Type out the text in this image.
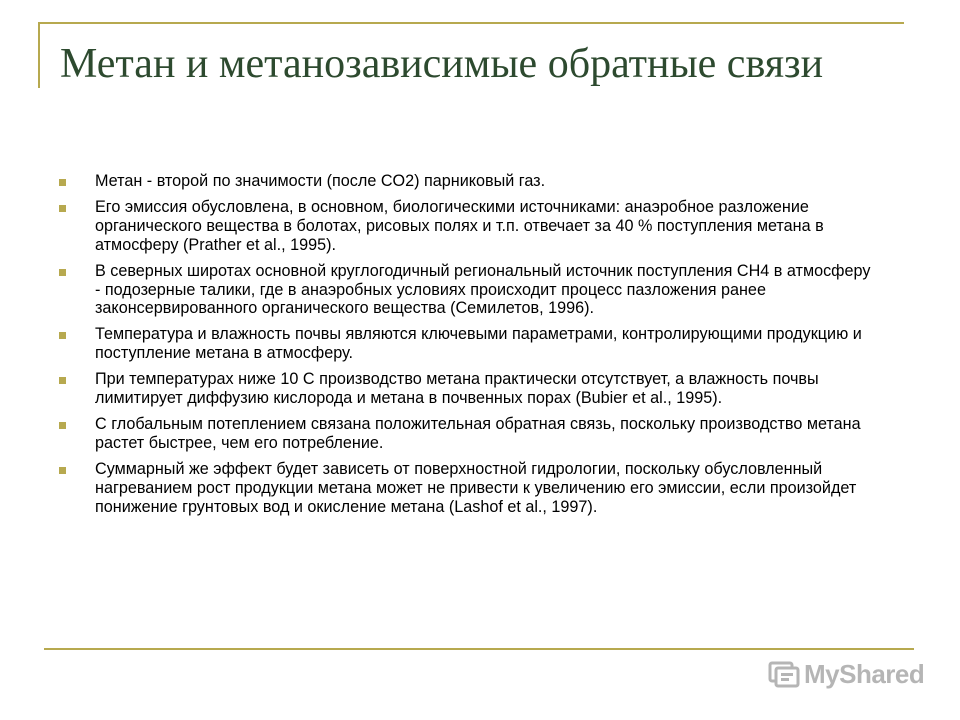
Метан и метанозависимые обратные связи
Метан - второй по значимости (после CO2) парниковый газ.
Его эмиссия обусловлена, в основном, биологическими источниками: анаэробное разложение органического вещества в болотах, рисовых полях и т.п. отвечает за 40 % поступления метана в атмосферу (Prather et al., 1995).
В северных широтах основной круглогодичный региональный источник поступления CH4 в атмосферу - подозерные талики, где в анаэробных условиях происходит процесс пазложения ранее законсервированного органического вещества (Семилетов, 1996).
Температура и влажность почвы являются ключевыми параметрами, контролирующими продукцию и поступление метана в атмосферу.
При температурах ниже 10 С производство метана практически отсутствует, а влажность почвы лимитирует диффузию кислорода и метана в почвенных порах (Bubier et al., 1995).
С глобальным потеплением связана положительная обратная связь, поскольку производство метана растет быстрее, чем его потребление.
Суммарный же эффект будет зависеть от поверхностной гидрологии, поскольку обусловленный нагреванием рост продукции метана может не привести к увеличению его эмиссии, если произойдет понижение грунтовых вод и окисление метана (Lashof et al., 1997).
MyShared
